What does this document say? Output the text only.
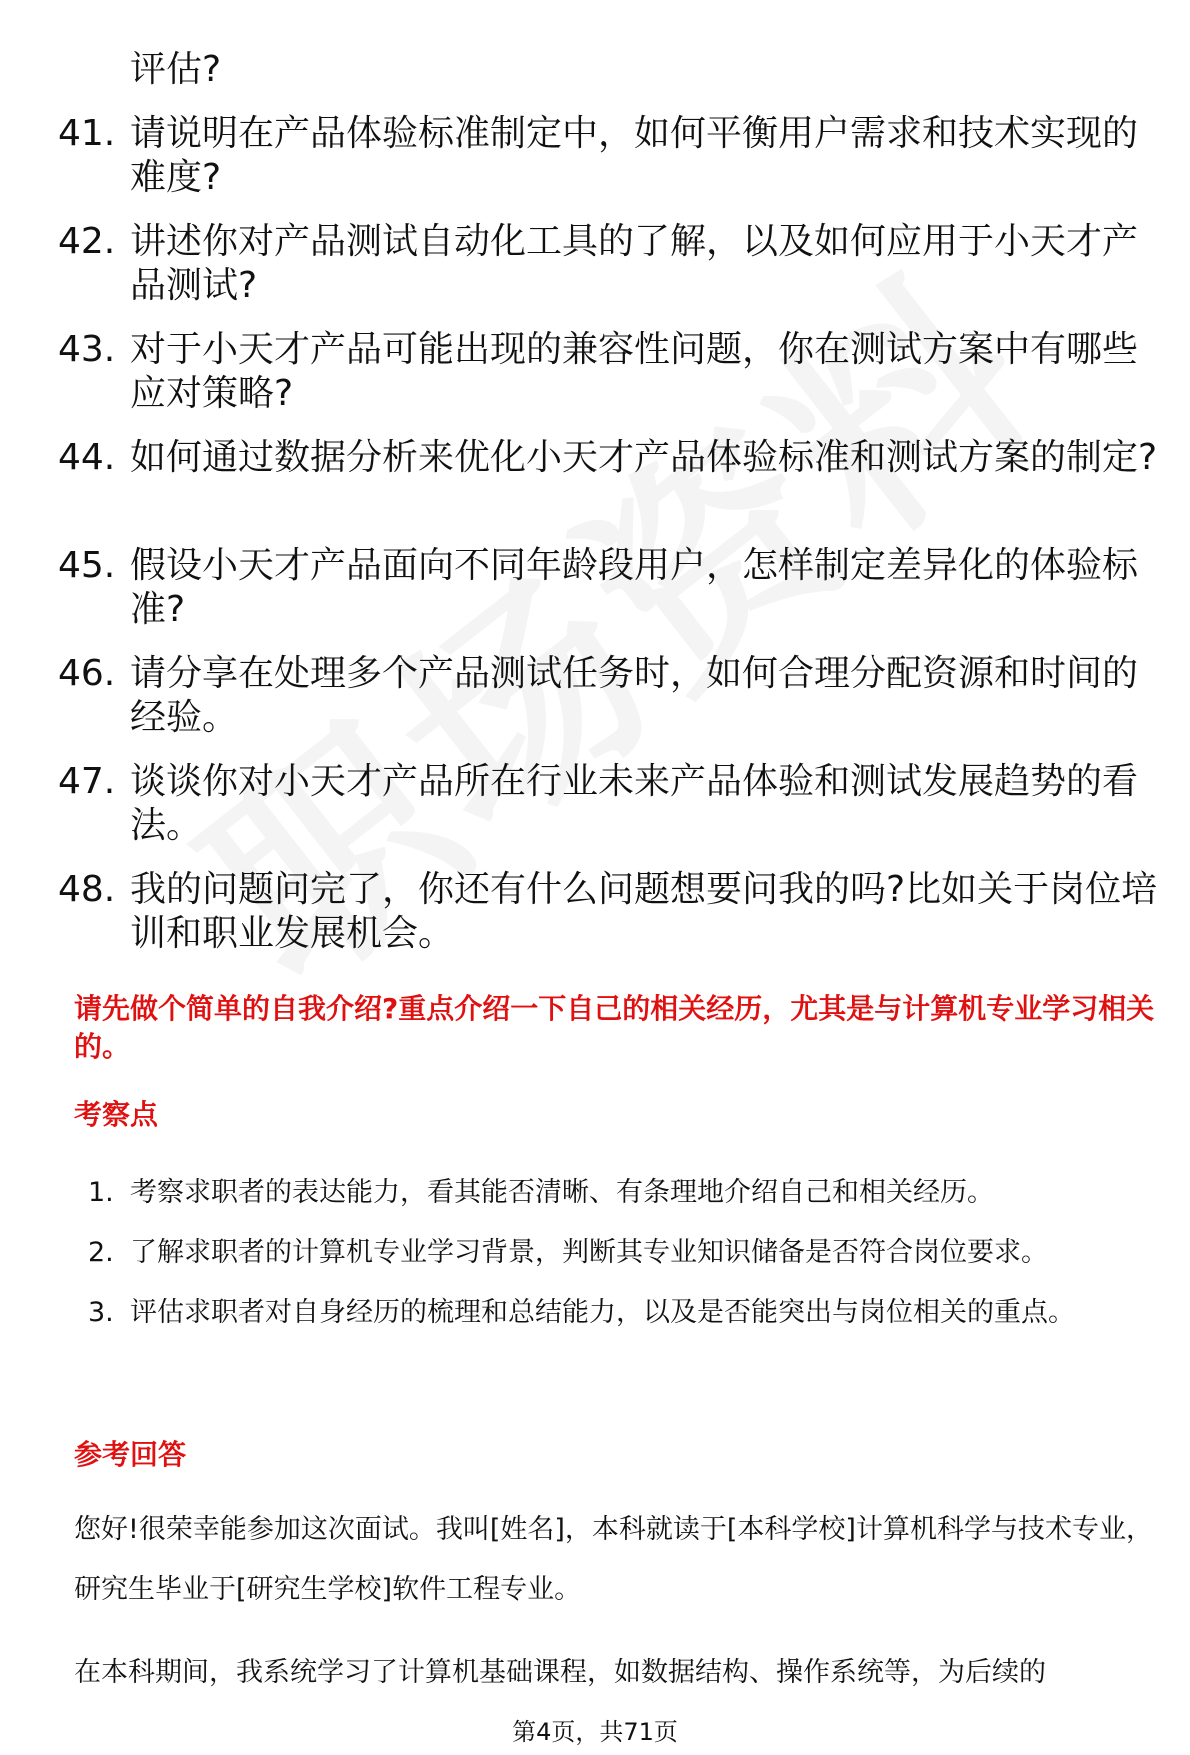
评估?
41. 请说明在产品体验标准制定中，如何平衡用户需求和技术实现的难度?
42. 讲述你对产品测试自动化工具的了解，以及如何应用于小天才产品测试?
43. 对于小天才产品可能出现的兼容性问题，你在测试方案中有哪些应对策略?
44. 如何通过数据分析来优化小天才产品体验标准和测试方案的制定?
45. 假设小天才产品面向不同年龄段用户，怎样制定差异化的体验标准?
46. 请分享在处理多个产品测试任务时，如何合理分配资源和时间的经验。
47. 谈谈你对小天才产品所在行业未来产品体验和测试发展趋势的看法。
48. 我的问题问完了，你还有什么问题想要问我的吗?比如关于岗位培训和职业发展机会。
请先做个简单的自我介绍?重点介绍一下自己的相关经历，尤其是与计算机专业学习相关的。
考察点
1. 考察求职者的表达能力，看其能否清晰、有条理地介绍自己和相关经历。
2. 了解求职者的计算机专业学习背景，判断其专业知识储备是否符合岗位要求。
3. 评估求职者对自身经历的梳理和总结能力，以及是否能突出与岗位相关的重点。
参考回答
您好!很荣幸能参加这次面试。我叫[姓名]，本科就读于[本科学校]计算机科学与技术专业，研究生毕业于[研究生学校]软件工程专业。
在本科期间，我系统学习了计算机基础课程，如数据结构、操作系统等，为后续的
第4页，共71页
